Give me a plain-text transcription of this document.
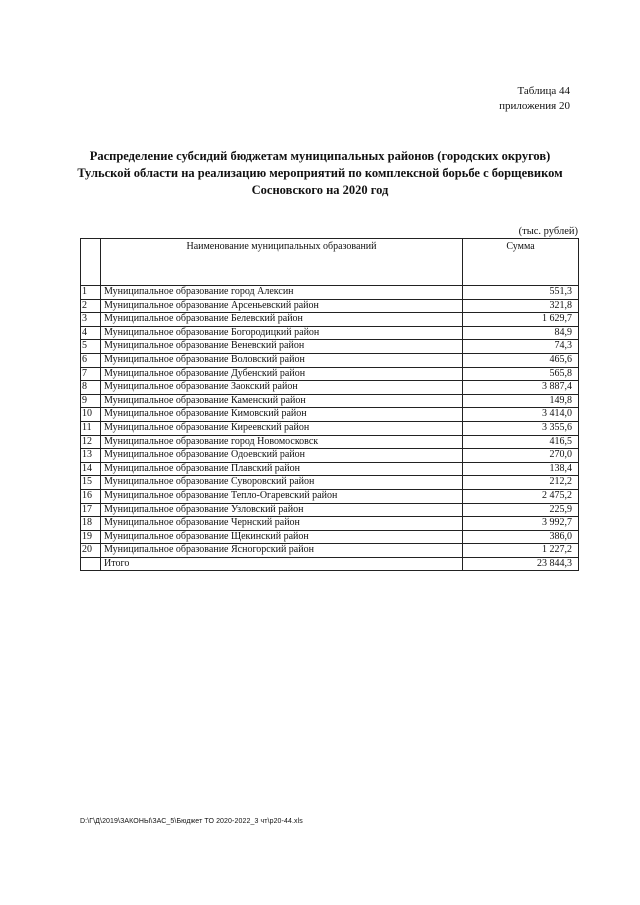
Таблица 44
приложения 20
Распределение субсидий бюджетам муниципальных районов (городских округов)
Тульской области на реализацию мероприятий по комплексной борьбе с борщевиком
Сосновского на 2020 год
(тыс. рублей)
	Наименование муниципальных образований	Сумма
1	Муниципальное образование город Алексин	551,3
2	Муниципальное образование Арсеньевский район	321,8
3	Муниципальное образование Белевский район	1 629,7
4	Муниципальное образование Богородицкий район	84,9
5	Муниципальное образование Веневский район	74,3
6	Муниципальное образование Воловский район	465,6
7	Муниципальное образование Дубенский район	565,8
8	Муниципальное образование Заокский район	3 887,4
9	Муниципальное образование Каменский район	149,8
10	Муниципальное образование Кимовский район	3 414,0
11	Муниципальное образование Киреевский район	3 355,6
12	Муниципальное образование город Новомосковск	416,5
13	Муниципальное образование Одоевский район	270,0
14	Муниципальное образование Плавский район	138,4
15	Муниципальное образование Суворовский район	212,2
16	Муниципальное образование Тепло-Огаревский район	2 475,2
17	Муниципальное образование Узловский район	225,9
18	Муниципальное образование Чернский район	3 992,7
19	Муниципальное образование Щекинский район	386,0
20	Муниципальное образование Ясногорский район	1 227,2
	Итого	23 844,3
D:\Г\Д\2019\ЗАКОНЫ\ЗАС_5\Бюджет ТО 2020-2022_3 чт\р20-44.xls
